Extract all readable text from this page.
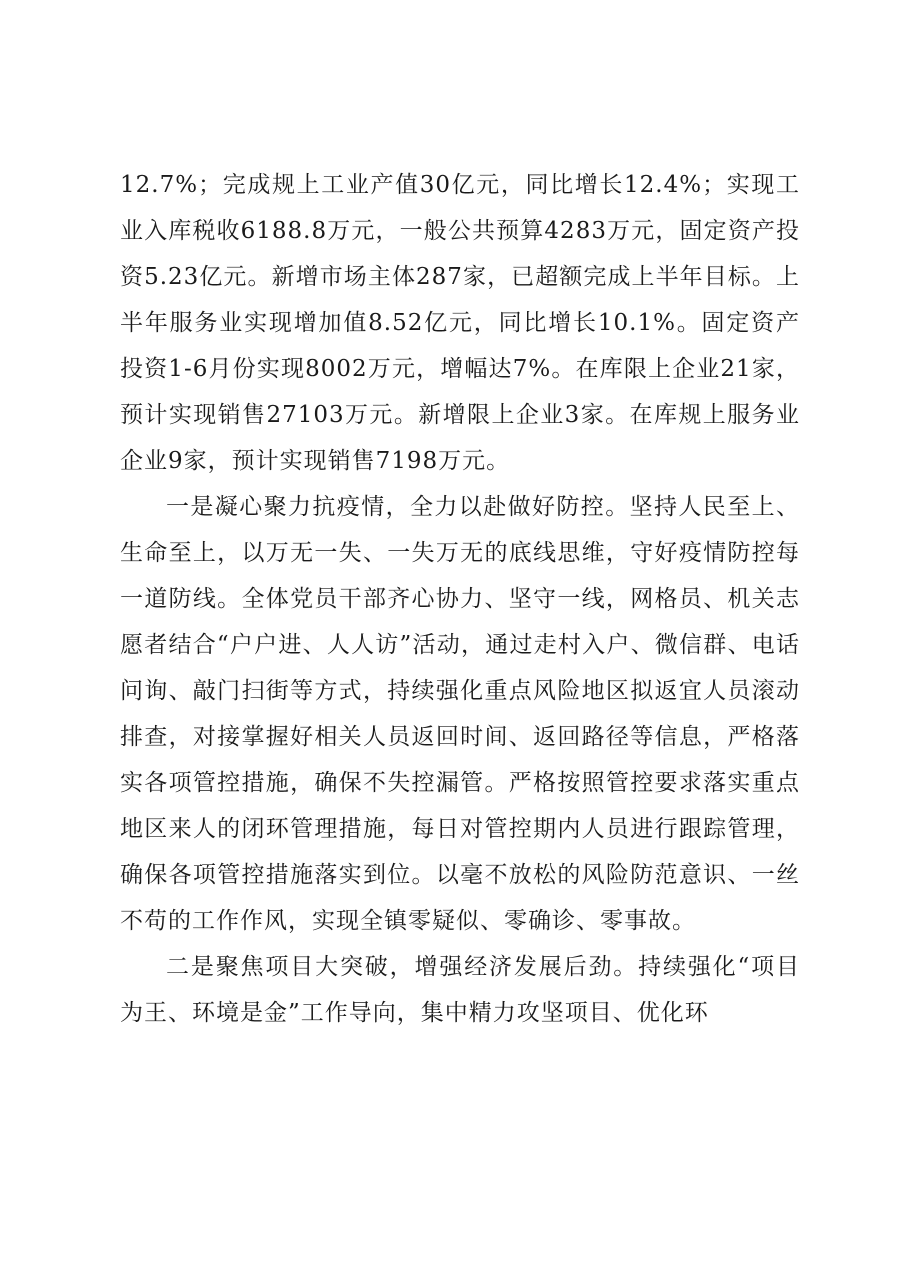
12.7%；完成规上工业产值30亿元，同比增长12.4%；实现工业入库税收6188.8万元，一般公共预算4283万元，固定资产投资5.23亿元。新增市场主体287家，已超额完成上半年目标。上半年服务业实现增加值8.52亿元，同比增长10.1%。固定资产投资1-6月份实现8002万元，增幅达7%。在库限上企业21家，预计实现销售27103万元。新增限上企业3家。在库规上服务业企业9家，预计实现销售7198万元。

一是凝心聚力抗疫情，全力以赴做好防控。坚持人民至上、生命至上，以万无一失、一失万无的底线思维，守好疫情防控每一道防线。全体党员干部齐心协力、坚守一线，网格员、机关志愿者结合“户户进、人人访”活动，通过走村入户、微信群、电话问询、敲门扫街等方式，持续强化重点风险地区拟返宜人员滚动排查，对接掌握好相关人员返回时间、返回路径等信息，严格落实各项管控措施，确保不失控漏管。严格按照管控要求落实重点地区来人的闭环管理措施，每日对管控期内人员进行跟踪管理，确保各项管控措施落实到位。以毫不放松的风险防范意识、一丝不苟的工作作风，实现全镇零疑似、零确诊、零事故。

二是聚焦项目大突破，增强经济发展后劲。持续强化“项目为王、环境是金”工作导向，集中精力攻坚项目、优化环
